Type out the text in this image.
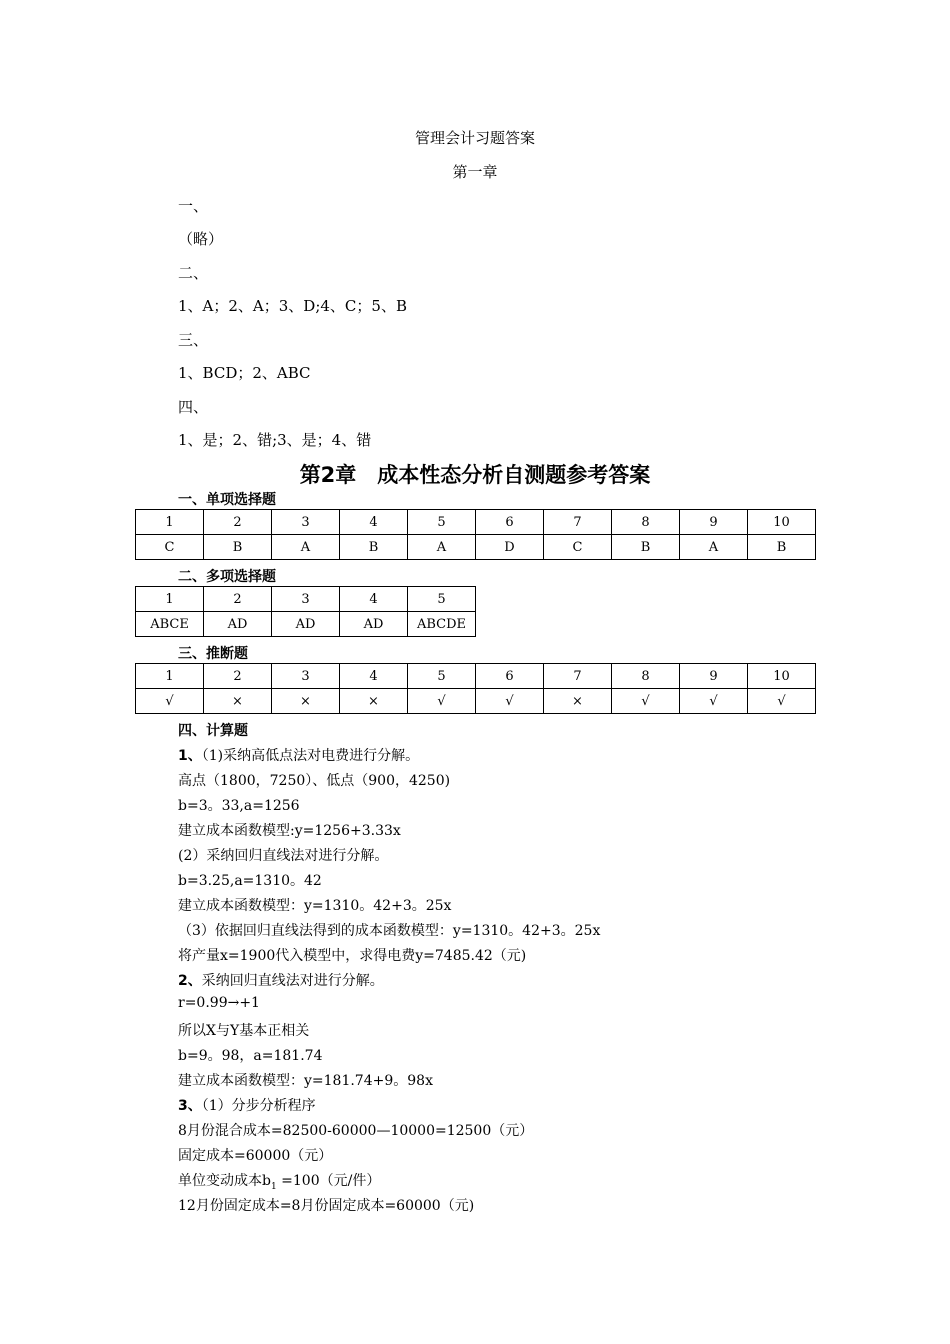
管理会计习题答案
第一章
一、
（略）
二、
1、A；2、A；3、D;4、C；5、B
三、
1、BCD；2、ABC
四、
1、是；2、错;3、是；4、错
第2章　成本性态分析自测题参考答案
一、单项选择题
1	2	3	4	5	6	7	8	9	10
C	B	A	B	A	D	C	B	A	B
二、多项选择题
1	2	3	4	5
ABCE	AD	AD	AD	ABCDE
三、推断题
1	2	3	4	5	6	7	8	9	10
√	×	×	×	√	√	×	√	√	√
四、计算题
1、（1)采纳高低点法对电费进行分解。
高点（1800，7250）、低点（900，4250)
b=3。33,a=1256
建立成本函数模型:y=1256+3.33x
(2）采纳回归直线法对进行分解。
b=3.25,a=1310。42
建立成本函数模型：y=1310。42+3。25x
（3）依据回归直线法得到的成本函数模型：y=1310。42+3。25x
将产量x=1900代入模型中，求得电费y=7485.42（元)
2、采纳回归直线法对进行分解。
r=0.99→+1
所以X与Y基本正相关
b=9。98，a=181.74
建立成本函数模型：y=181.74+9。98x
3、（1）分步分析程序
8月份混合成本=82500-60000—10000=12500（元）
固定成本=60000（元）
单位变动成本$b_1 =100$（元/件）
12月份固定成本=8月份固定成本=60000（元)
